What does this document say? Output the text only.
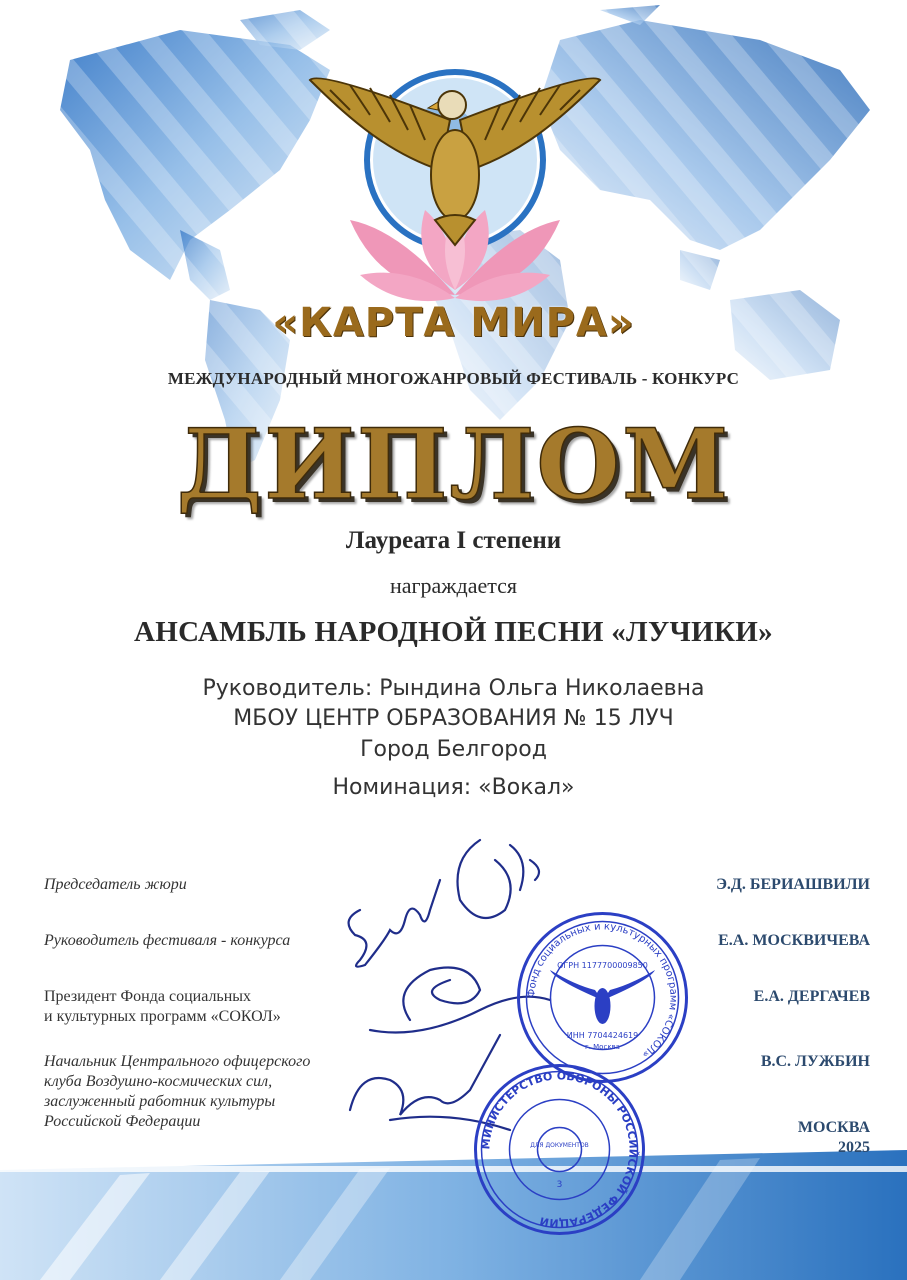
«КАРТА МИРА»
МЕЖДУНАРОДНЫЙ МНОГОЖАНРОВЫЙ ФЕСТИВАЛЬ - КОНКУРС
ДИПЛОМ
Лауреата I степени
награждается
АНСАМБЛЬ НАРОДНОЙ ПЕСНИ «ЛУЧИКИ»
Руководитель: Рындина Ольга Николаевна
МБОУ ЦЕНТР ОБРАЗОВАНИЯ № 15 ЛУЧ
Город Белгород
Номинация: «Вокал»
Председатель жюри
Руководитель фестиваля - конкурса
Президент Фонда социальных
и культурных программ «СОКОЛ»
Начальник Центрального офицерского
клуба Воздушно-космических сил,
заслуженный работник культуры
Российской Федерации
Э.Д. БЕРИАШВИЛИ
Е.А. МОСКВИЧЕВА
Е.А. ДЕРГАЧЕВ
В.С. ЛУЖБИН
МОСКВА
2025
Фонд социальных и культурных программ «СОКОЛ»
ОГРН 1177700009850
ИНН 7704424619
г. Москва
МИНИСТЕРСТВО ОБОРОНЫ РОССИЙСКОЙ ФЕДЕРАЦИИ
ДЛЯ ДОКУМЕНТОВ
3
